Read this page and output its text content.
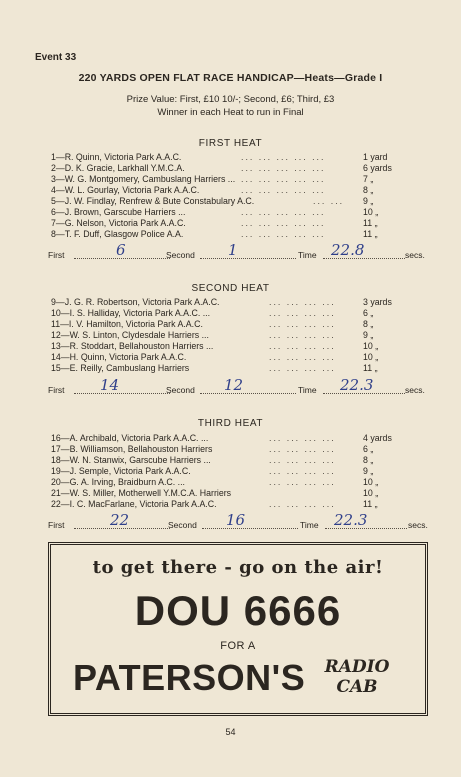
Event 33
220 YARDS OPEN FLAT RACE HANDICAP—Heats—Grade I
Prize Value: First, £10 10/-; Second, £6; Third, £3
Winner in each Heat to run in Final
FIRST HEAT
1—R. Quinn, Victoria Park A.A.C.	... ... ... ... ...	1 yard
2—D. K. Gracie, Larkhall Y.M.C.A.	... ... ... ... ...	6 yards
3—W. G. Montgomery, Cambuslang Harriers ... ... ... ... ... ...	7 „
4—W. L. Gourlay, Victoria Park A.A.C.	... ... ... ... ...	8 „
5—J. W. Findlay, Renfrew & Bute Constabulary A.C.	... ... 9 „
6—J. Brown, Garscube Harriers ...	... ... ... ... ...	10 „
7—G. Nelson, Victoria Park A.A.C.	... ... ... ... ...	11 „
8—T. F. Duff, Glasgow Police A.A.	... ... ... ... ...	11 „
First	6	Second 1	Time 22.8	secs.
SECOND HEAT
9—J. G. R. Robertson, Victoria Park A.A.C.	... ... ... ...	3 yards
10—I. S. Halliday, Victoria Park A.A.C. ...	... ... ... ...	6 „
11—I. V. Hamilton, Victoria Park A.A.C.	... ... ... ...	8 „
12—W. S. Linton, Clydesdale Harriers ...	... ... ... ...	9 „
13—R. Stoddart, Bellahouston Harriers ...	... ... ... ...	10 „
14—H. Quinn, Victoria Park A.A.C.	... ... ... ...	10 „
15—E. Reilly, Cambuslang Harriers	... ... ... ...	11 „
First 14	Second 12	Time 22.3	secs.
THIRD HEAT
16—A. Archibald, Victoria Park A.A.C. ...	... ... ... ...	4 yards
17—B. Williamson, Bellahouston Harriers	... ... ... ...	6 „
18—W. N. Stanwix, Garscube Harriers ...	... ... ... ...	8 „
19—J. Semple, Victoria Park A.A.C.	... ... ... ...	9 „
20—G. A. Irving, Braidburn A.C. ...	... ... ... ...	10 „
21—W. S. Miller, Motherwell Y.M.C.A. Harriers	10 „
22—I. C. MacFarlane, Victoria Park A.A.C.	... ... ... ...	11 „
First	22	Second 16	Time 22.3	secs.
to get there - go on the air!
DOU 6666
FOR A
PATERSON'S	RADIO
CAB
54
